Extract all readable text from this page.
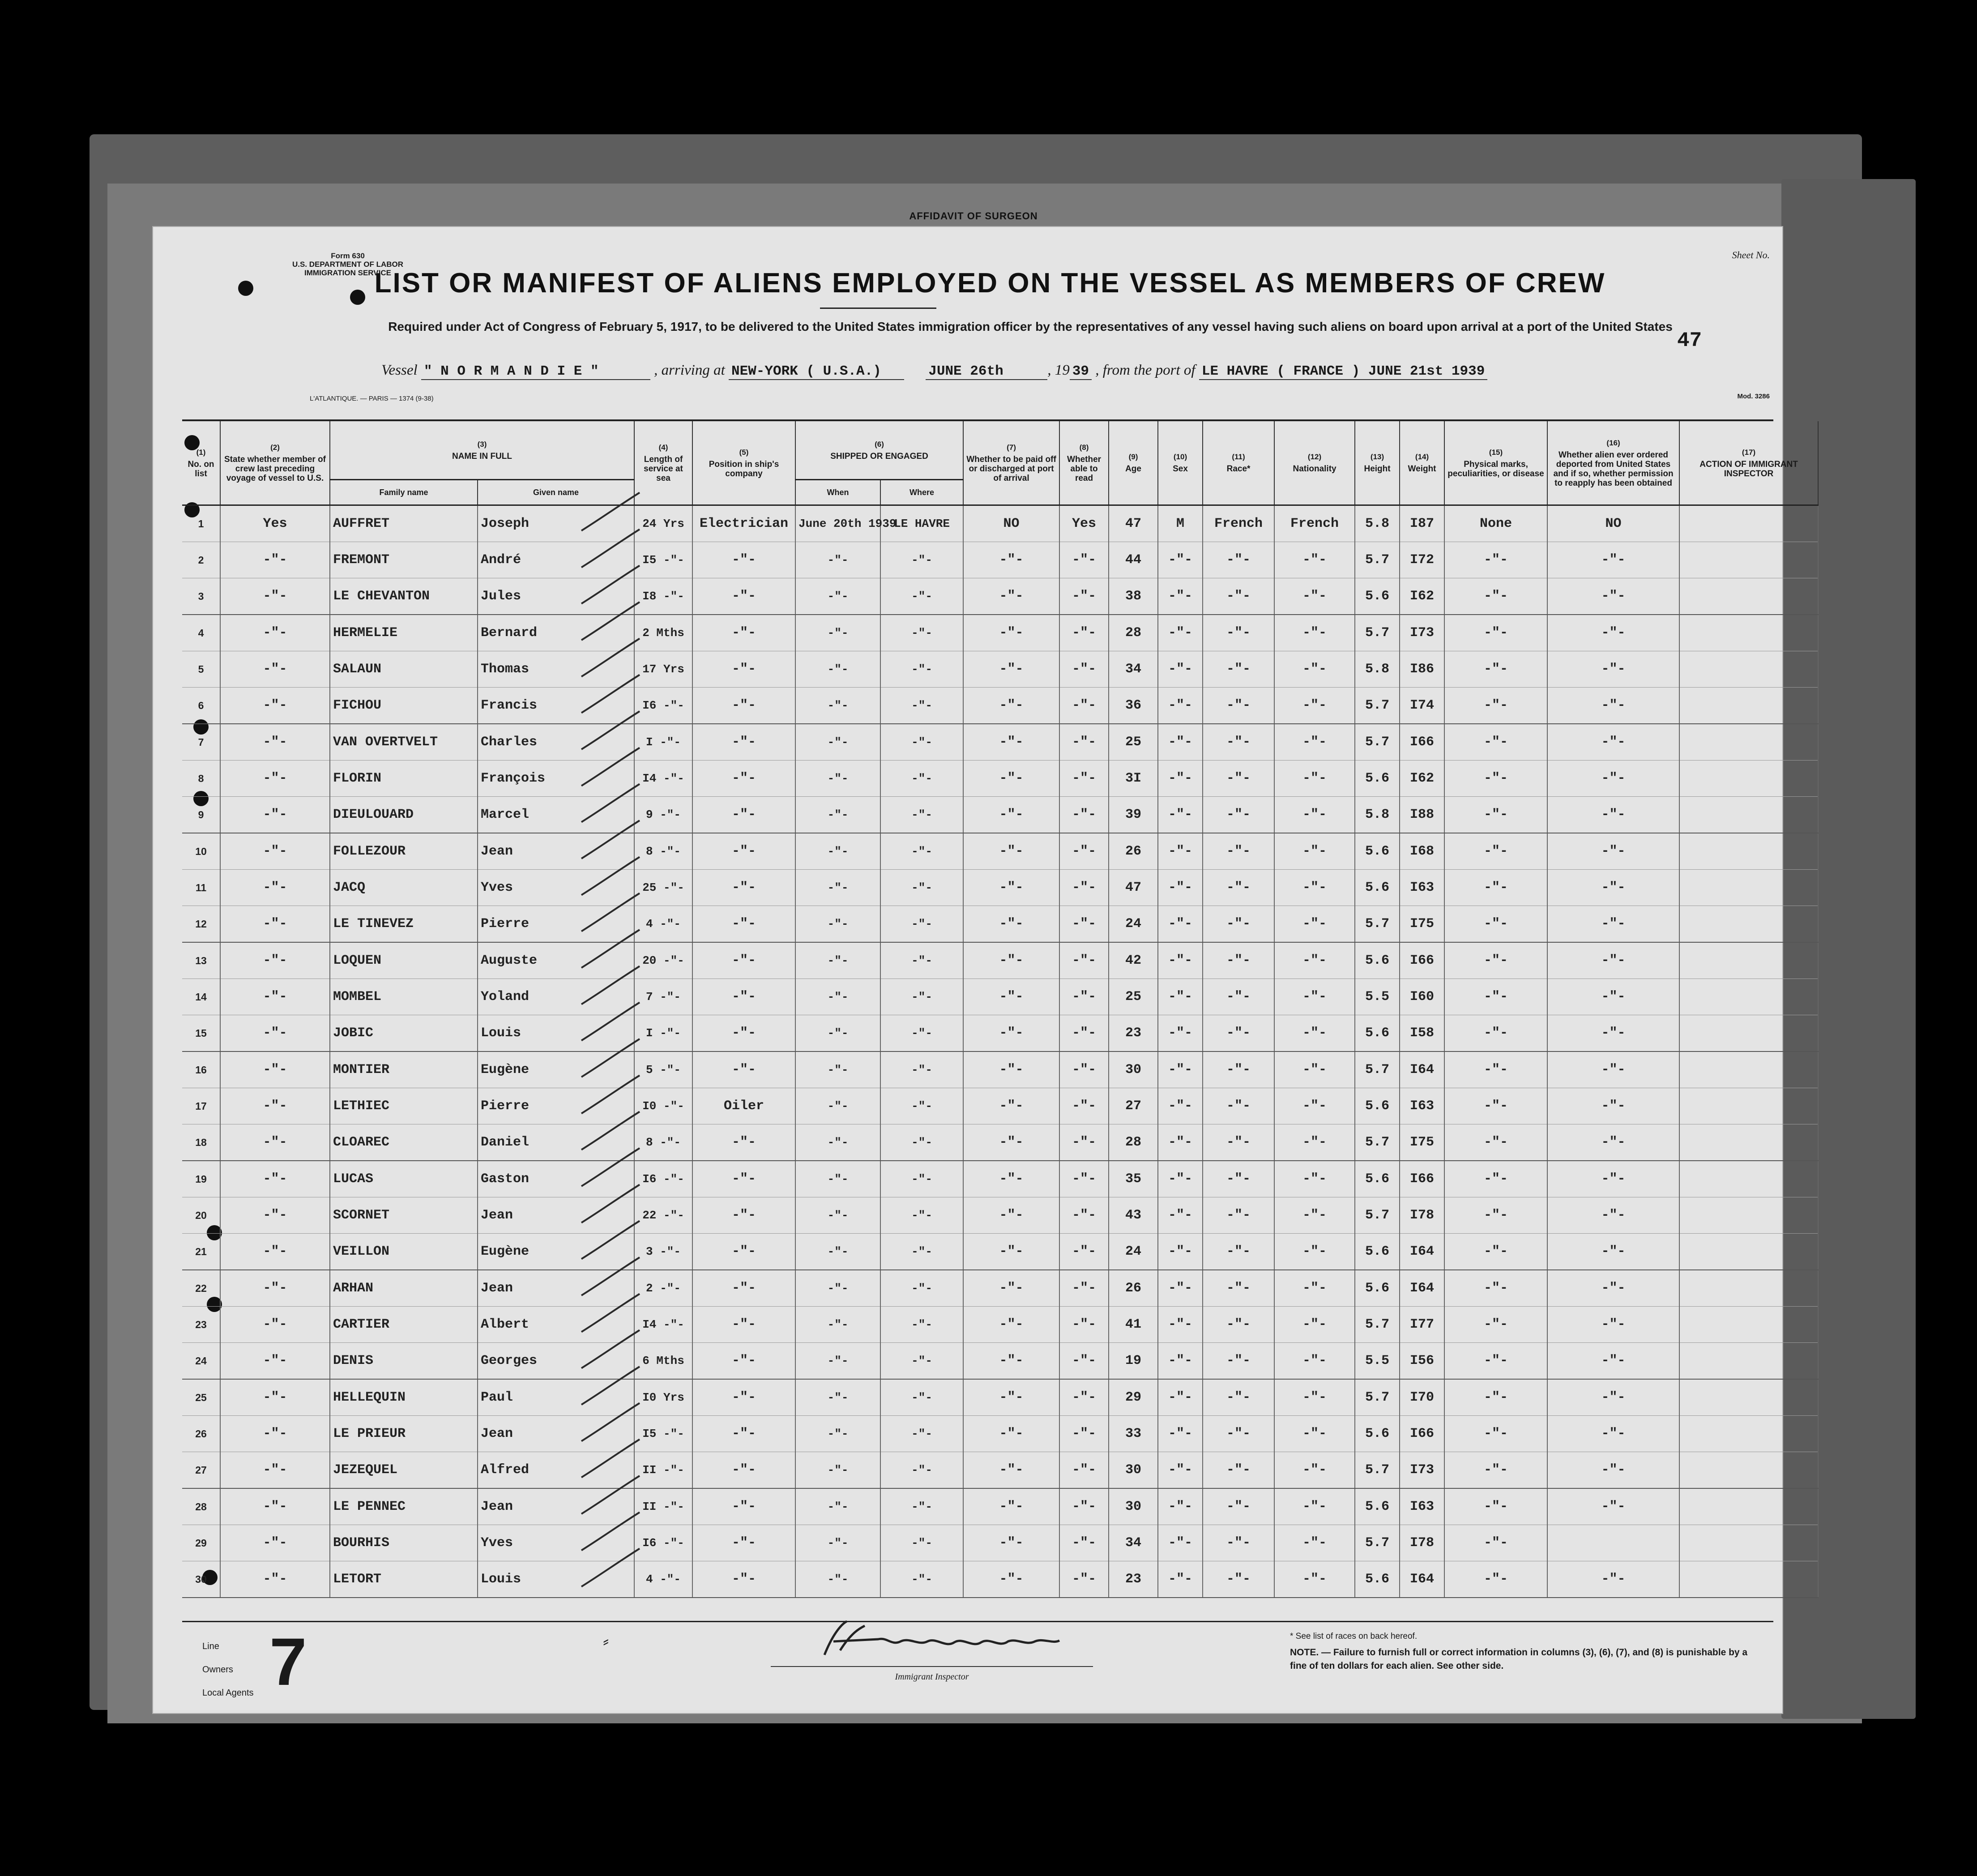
AFFIDAVIT OF SURGEON
Form 630
U.S. DEPARTMENT OF LABOR
IMMIGRATION SERVICE
Sheet No.
LIST OR MANIFEST OF ALIENS EMPLOYED ON THE VESSEL AS MEMBERS OF CREW
Required under Act of Congress of February 5, 1917, to be delivered to the United States immigration officer by the representatives of any vessel having such aliens on board upon arrival at a port of the United States
47
Vessel " N O R M A N D I E "	, arriving at NEW-YORK ( U.S.A.)	JUNE 26th	, 19 39 , from the port of LE HAVRE ( FRANCE ) JUNE 21st 1939
L'ATLANTIQUE. — PARIS — 1374 (9-38)	Mod. 3286
(1)
No. on list	(2)
State whether member of crew last preceding voyage of vessel to U.S.	(3)
NAME IN FULL		(4)
Length of service at sea	(5)
Position in ship's company	(6)
SHIPPED OR ENGAGED		(7)
Whether to be paid off or discharged at port of arrival	(8)
Whether able to read	(9)
Age	(10)
Sex	(11)
Race*	(12)
Nationality	(13)
Height	(14)
Weight	(15)
Physical marks, peculiarities, or disease	(16)
Whether alien ever ordered deported from United States and if so, whether permission to reapply has been obtained	(17)
ACTION OF IMMIGRANT INSPECTOR
		Family name	Given name			When	Where											
1	Yes	AUFFRET	Joseph	24 Yrs	Electrician	June 20th 1939	LE HAVRE	NO	Yes	47	M	French	French	5.8	I87	None	NO	
2	-"-	FREMONT	André	I5 -"-	-"-	-"-	-"-	-"-	-"-	44	-"-	-"-	-"-	5.7	I72	-"-	-"-	
3	-"-	LE CHEVANTON	Jules	I8 -"-	-"-	-"-	-"-	-"-	-"-	38	-"-	-"-	-"-	5.6	I62	-"-	-"-	
4	-"-	HERMELIE	Bernard	2 Mths	-"-	-"-	-"-	-"-	-"-	28	-"-	-"-	-"-	5.7	I73	-"-	-"-	
5	-"-	SALAUN	Thomas	17 Yrs	-"-	-"-	-"-	-"-	-"-	34	-"-	-"-	-"-	5.8	I86	-"-	-"-	
6	-"-	FICHOU	Francis	I6 -"-	-"-	-"-	-"-	-"-	-"-	36	-"-	-"-	-"-	5.7	I74	-"-	-"-	
7	-"-	VAN OVERTVELT	Charles	I -"-	-"-	-"-	-"-	-"-	-"-	25	-"-	-"-	-"-	5.7	I66	-"-	-"-	
8	-"-	FLORIN	François	I4 -"-	-"-	-"-	-"-	-"-	-"-	3I	-"-	-"-	-"-	5.6	I62	-"-	-"-	
9	-"-	DIEULOUARD	Marcel	9 -"-	-"-	-"-	-"-	-"-	-"-	39	-"-	-"-	-"-	5.8	I88	-"-	-"-	
10	-"-	FOLLEZOUR	Jean	8 -"-	-"-	-"-	-"-	-"-	-"-	26	-"-	-"-	-"-	5.6	I68	-"-	-"-	
11	-"-	JACQ	Yves	25 -"-	-"-	-"-	-"-	-"-	-"-	47	-"-	-"-	-"-	5.6	I63	-"-	-"-	
12	-"-	LE TINEVEZ	Pierre	4 -"-	-"-	-"-	-"-	-"-	-"-	24	-"-	-"-	-"-	5.7	I75	-"-	-"-	
13	-"-	LOQUEN	Auguste	20 -"-	-"-	-"-	-"-	-"-	-"-	42	-"-	-"-	-"-	5.6	I66	-"-	-"-	
14	-"-	MOMBEL	Yoland	7 -"-	-"-	-"-	-"-	-"-	-"-	25	-"-	-"-	-"-	5.5	I60	-"-	-"-	
15	-"-	JOBIC	Louis	I -"-	-"-	-"-	-"-	-"-	-"-	23	-"-	-"-	-"-	5.6	I58	-"-	-"-	
16	-"-	MONTIER	Eugène	5 -"-	-"-	-"-	-"-	-"-	-"-	30	-"-	-"-	-"-	5.7	I64	-"-	-"-	
17	-"-	LETHIEC	Pierre	I0 -"-	Oiler	-"-	-"-	-"-	-"-	27	-"-	-"-	-"-	5.6	I63	-"-	-"-	
18	-"-	CLOAREC	Daniel	8 -"-	-"-	-"-	-"-	-"-	-"-	28	-"-	-"-	-"-	5.7	I75	-"-	-"-	
19	-"-	LUCAS	Gaston	I6 -"-	-"-	-"-	-"-	-"-	-"-	35	-"-	-"-	-"-	5.6	I66	-"-	-"-	
20	-"-	SCORNET	Jean	22 -"-	-"-	-"-	-"-	-"-	-"-	43	-"-	-"-	-"-	5.7	I78	-"-	-"-	
21	-"-	VEILLON	Eugène	3 -"-	-"-	-"-	-"-	-"-	-"-	24	-"-	-"-	-"-	5.6	I64	-"-	-"-	
22	-"-	ARHAN	Jean	2 -"-	-"-	-"-	-"-	-"-	-"-	26	-"-	-"-	-"-	5.6	I64	-"-	-"-	
23	-"-	CARTIER	Albert	I4 -"-	-"-	-"-	-"-	-"-	-"-	41	-"-	-"-	-"-	5.7	I77	-"-	-"-	
24	-"-	DENIS	Georges	6 Mths	-"-	-"-	-"-	-"-	-"-	19	-"-	-"-	-"-	5.5	I56	-"-	-"-	
25	-"-	HELLEQUIN	Paul	I0 Yrs	-"-	-"-	-"-	-"-	-"-	29	-"-	-"-	-"-	5.7	I70	-"-	-"-	
26	-"-	LE PRIEUR	Jean	I5 -"-	-"-	-"-	-"-	-"-	-"-	33	-"-	-"-	-"-	5.6	I66	-"-	-"-	
27	-"-	JEZEQUEL	Alfred	II -"-	-"-	-"-	-"-	-"-	-"-	30	-"-	-"-	-"-	5.7	I73	-"-	-"-	
28	-"-	LE PENNEC	Jean	II -"-	-"-	-"-	-"-	-"-	-"-	30	-"-	-"-	-"-	5.6	I63	-"-	-"-	
29	-"-	BOURHIS	Yves	I6 -"-	-"-	-"-	-"-	-"-	-"-	34	-"-	-"-	-"-	5.7	I78	-"-		
30	-"-	LETORT	Louis	4 -"-	-"-	-"-	-"-	-"-	-"-	23	-"-	-"-	-"-	5.6	I64	-"-	-"-	
Line
Owners
Local Agents 7	⸗
Immigrant Inspector
* See list of races on back hereof.
NOTE. — Failure to furnish full or correct information in columns (3), (6), (7), and (8) is punishable by a fine of ten dollars for each alien. See other side.
